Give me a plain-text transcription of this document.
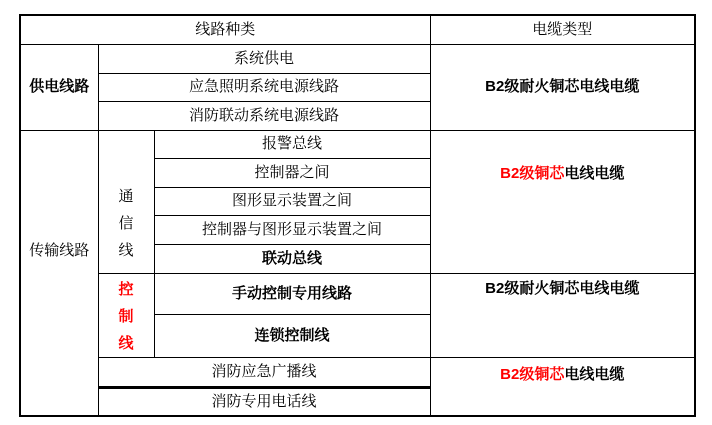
线路种类			电缆类型
供电线路	系统供电		B2级耐火铜芯电线电缆
	应急照明系统电源线路		
	消防联动系统电源线路		
传输线路	通信线	报警总线	B2级铜芯电线电缆
		控制器之间	
		图形显示装置之间	
		控制器与图形显示装置之间	
		联动总线	

	控制线	手动控制专用线路	B2级耐火铜芯电线电缆
		连锁控制线	
	消防应急广播线		B2级铜芯电线电缆
	消防专用电话线		
